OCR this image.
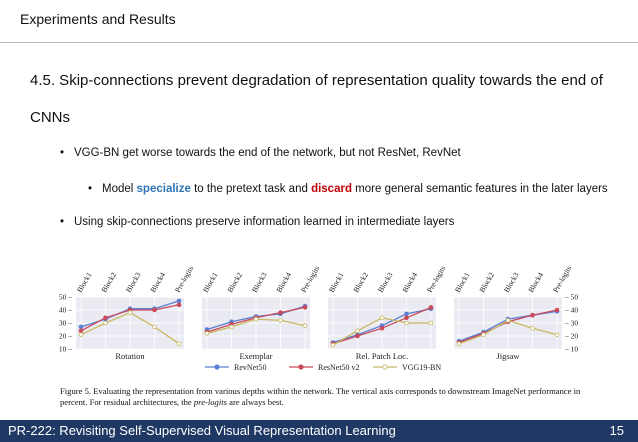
Experiments and Results
4.5. Skip-connections prevent degradation of representation quality towards the end of CNNs
• VGG-BN get worse towards the end of the network, but not ResNet, RevNet
• Model specialize to the pretext task and discard more general semantic features in the later layers
• Using skip-connections preserve information learned in intermediate layers
Block1 Block2 Block3 Block4 Pre-logits
Rotation
Block1 Block2 Block3 Block4 Pre-logits
Exemplar
Block1 Block2 Block3 Block4 Pre-logits
Rel. Patch Loc.
Block1 Block2 Block3 Block4 Pre-logits
Jigsaw
10 –	– 10
20 –	– 20
30 –	– 30
40 –	– 40
50 –	– 50
RevNet50	ResNet50 v2	VGG19-BN
Figure 5. Evaluating the representation from various depths within the network. The vertical axis corresponds to downstream ImageNet performance in percent. For residual architectures, the pre-logits are always best.
PR-222: Revisiting Self-Supervised Visual Representation Learning	15
